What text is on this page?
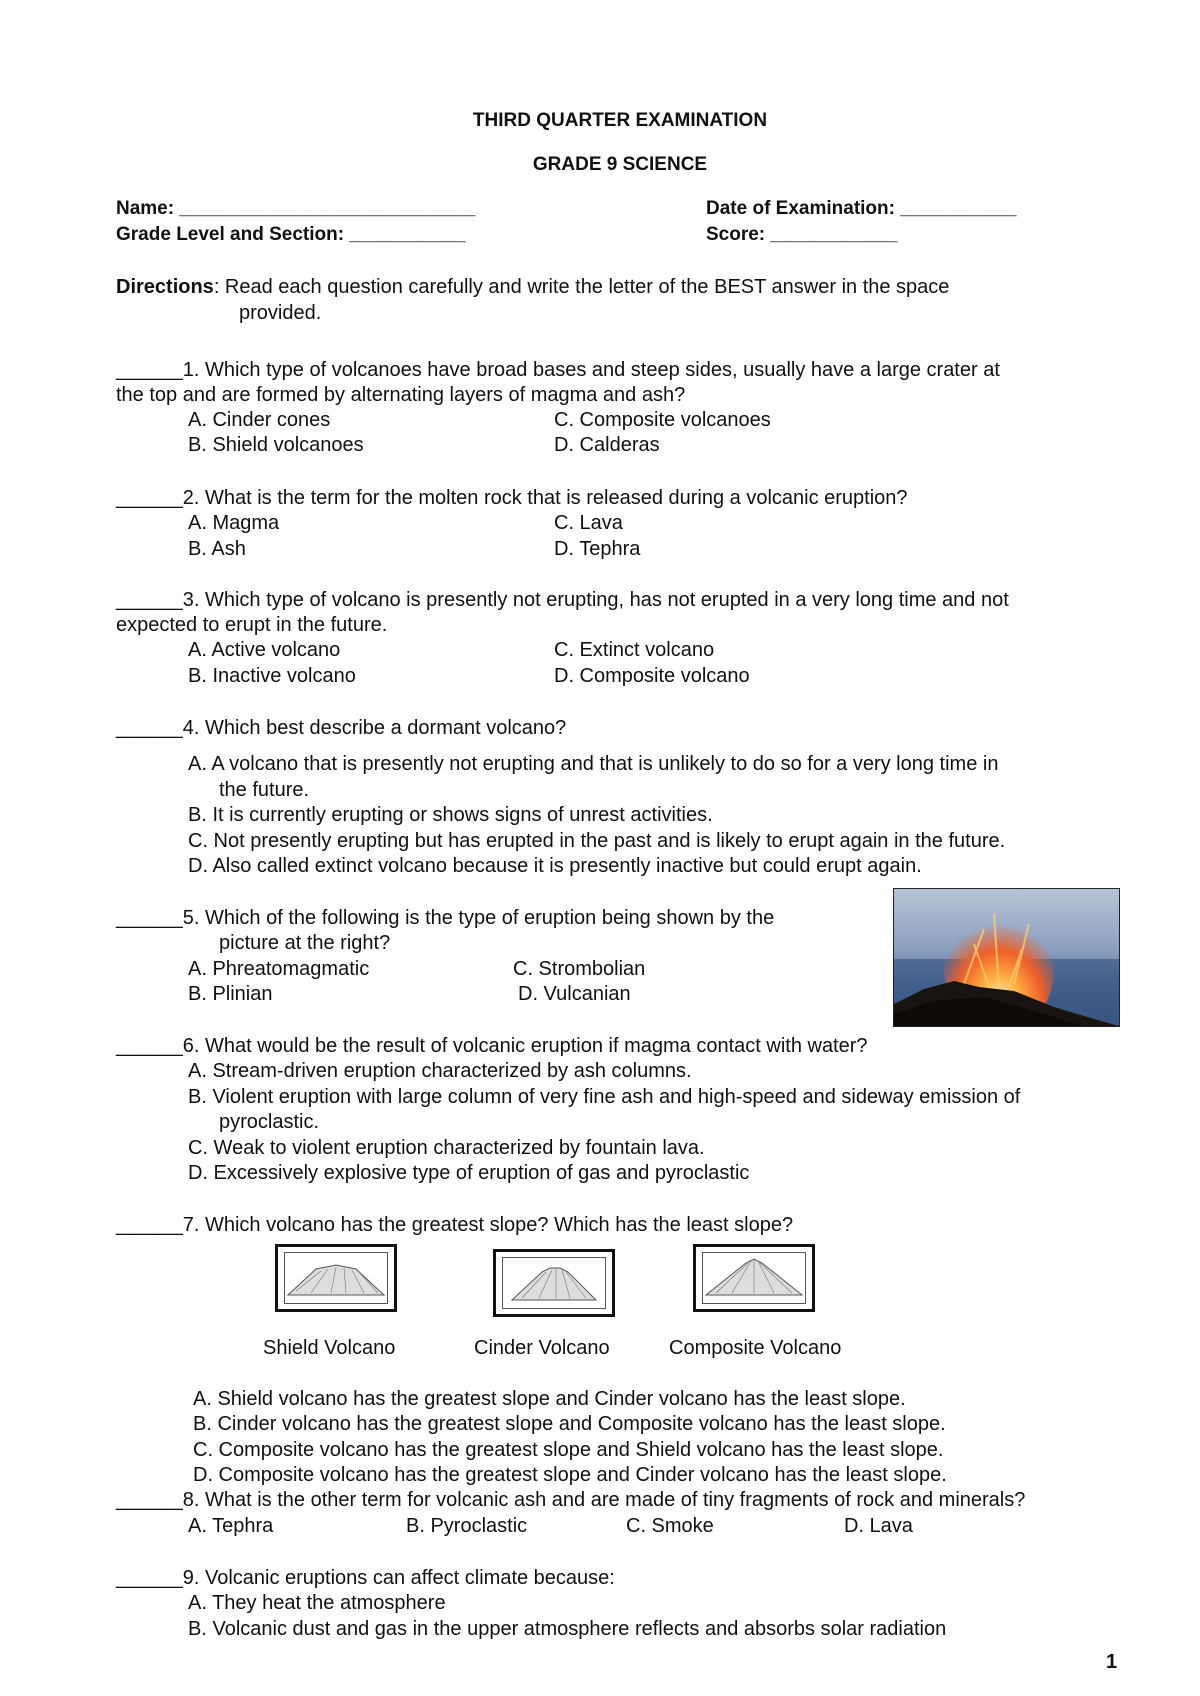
THIRD QUARTER EXAMINATION
GRADE 9 SCIENCE
Name: ____________________________	Date of Examination: ___________
Grade Level and Section: ___________	Score: ____________
Directions: Read each question carefully and write the letter of the BEST answer in the space
provided.
______1. Which type of volcanoes have broad bases and steep sides, usually have a large crater at
the top and are formed by alternating layers of magma and ash?
A. Cinder cones	C. Composite volcanoes
B. Shield volcanoes	D. Calderas
______2. What is the term for the molten rock that is released during a volcanic eruption?
A. Magma	C. Lava
B. Ash	D. Tephra
______3. Which type of volcano is presently not erupting, has not erupted in a very long time and not
expected to erupt in the future.
A. Active volcano	C. Extinct volcano
B. Inactive volcano	D. Composite volcano
______4. Which best describe a dormant volcano?
A. A volcano that is presently not erupting and that is unlikely to do so for a very long time in
the future.
B. It is currently erupting or shows signs of unrest activities.
C. Not presently erupting but has erupted in the past and is likely to erupt again in the future.
D. Also called extinct volcano because it is presently inactive but could erupt again.
______5. Which of the following is the type of eruption being shown by the
picture at the right?
A. Phreatomagmatic	C. Strombolian
B. Plinian	D. Vulcanian
______6. What would be the result of volcanic eruption if magma contact with water?
A. Stream-driven eruption characterized by ash columns.
B. Violent eruption with large column of very fine ash and high-speed and sideway emission of
pyroclastic.
C. Weak to violent eruption characterized by fountain lava.
D. Excessively explosive type of eruption of gas and pyroclastic
______7. Which volcano has the greatest slope? Which has the least slope?
Shield Volcano	Cinder Volcano	Composite Volcano
A. Shield volcano has the greatest slope and Cinder volcano has the least slope.
B. Cinder volcano has the greatest slope and Composite volcano has the least slope.
C. Composite volcano has the greatest slope and Shield volcano has the least slope.
D. Composite volcano has the greatest slope and Cinder volcano has the least slope.
______8. What is the other term for volcanic ash and are made of tiny fragments of rock and minerals?
A. Tephra	B. Pyroclastic	C. Smoke	D. Lava
______9. Volcanic eruptions can affect climate because:
A. They heat the atmosphere
B. Volcanic dust and gas in the upper atmosphere reflects and absorbs solar radiation
1
